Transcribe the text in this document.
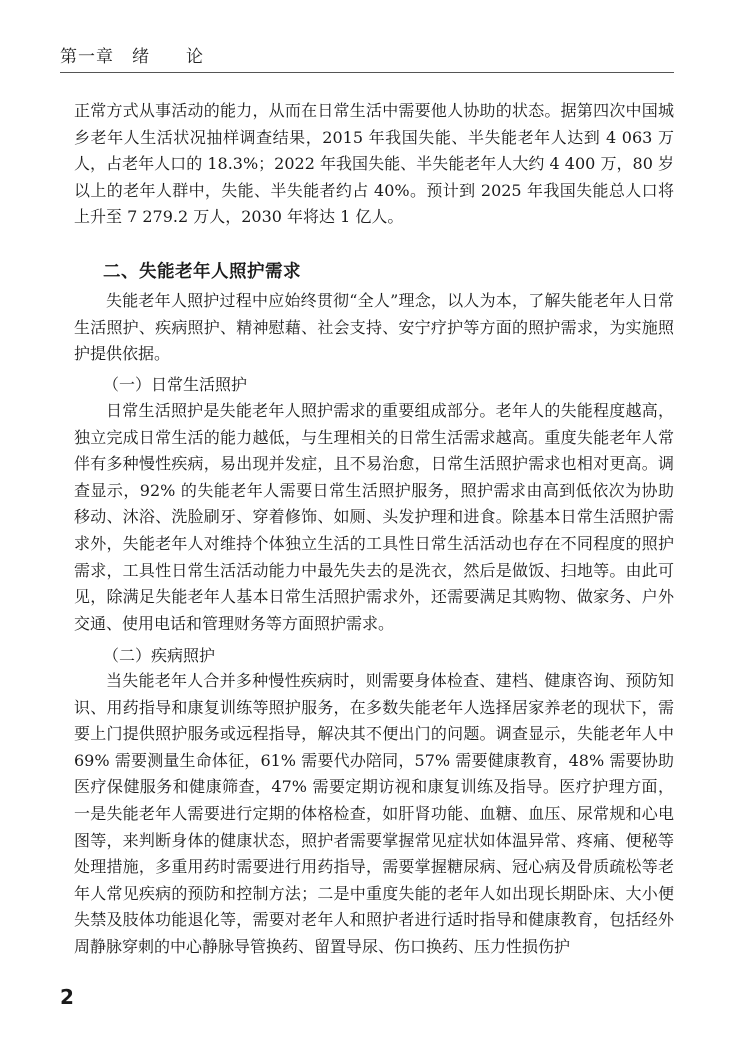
第一章　绪　　论
正常方式从事活动的能力，从而在日常生活中需要他人协助的状态。据第四次中国城乡老年人生活状况抽样调查结果，2015 年我国失能、半失能老年人达到 4 063 万人，占老年人口的 18.3%；2022 年我国失能、半失能老年人大约 4 400 万，80 岁以上的老年人群中，失能、半失能者约占 40%。预计到 2025 年我国失能总人口将上升至 7 279.2 万人，2030 年将达 1 亿人。
二、失能老年人照护需求
失能老年人照护过程中应始终贯彻“全人”理念，以人为本，了解失能老年人日常生活照护、疾病照护、精神慰藉、社会支持、安宁疗护等方面的照护需求，为实施照护提供依据。
（一）日常生活照护
日常生活照护是失能老年人照护需求的重要组成部分。老年人的失能程度越高，独立完成日常生活的能力越低，与生理相关的日常生活需求越高。重度失能老年人常伴有多种慢性疾病，易出现并发症，且不易治愈，日常生活照护需求也相对更高。调查显示，92% 的失能老年人需要日常生活照护服务，照护需求由高到低依次为协助移动、沐浴、洗脸刷牙、穿着修饰、如厕、头发护理和进食。除基本日常生活照护需求外，失能老年人对维持个体独立生活的工具性日常生活活动也存在不同程度的照护需求，工具性日常生活活动能力中最先失去的是洗衣，然后是做饭、扫地等。由此可见，除满足失能老年人基本日常生活照护需求外，还需要满足其购物、做家务、户外交通、使用电话和管理财务等方面照护需求。
（二）疾病照护
当失能老年人合并多种慢性疾病时，则需要身体检查、建档、健康咨询、预防知识、用药指导和康复训练等照护服务，在多数失能老年人选择居家养老的现状下，需要上门提供照护服务或远程指导，解决其不便出门的问题。调查显示，失能老年人中 69% 需要测量生命体征，61% 需要代办陪同，57% 需要健康教育，48% 需要协助医疗保健服务和健康筛查，47% 需要定期访视和康复训练及指导。医疗护理方面，一是失能老年人需要进行定期的体格检查，如肝肾功能、血糖、血压、尿常规和心电图等，来判断身体的健康状态，照护者需要掌握常见症状如体温异常、疼痛、便秘等处理措施，多重用药时需要进行用药指导，需要掌握糖尿病、冠心病及骨质疏松等老年人常见疾病的预防和控制方法；二是中重度失能的老年人如出现长期卧床、大小便失禁及肢体功能退化等，需要对老年人和照护者进行适时指导和健康教育，包括经外周静脉穿刺的中心静脉导管换药、留置导尿、伤口换药、压力性损伤护
2
